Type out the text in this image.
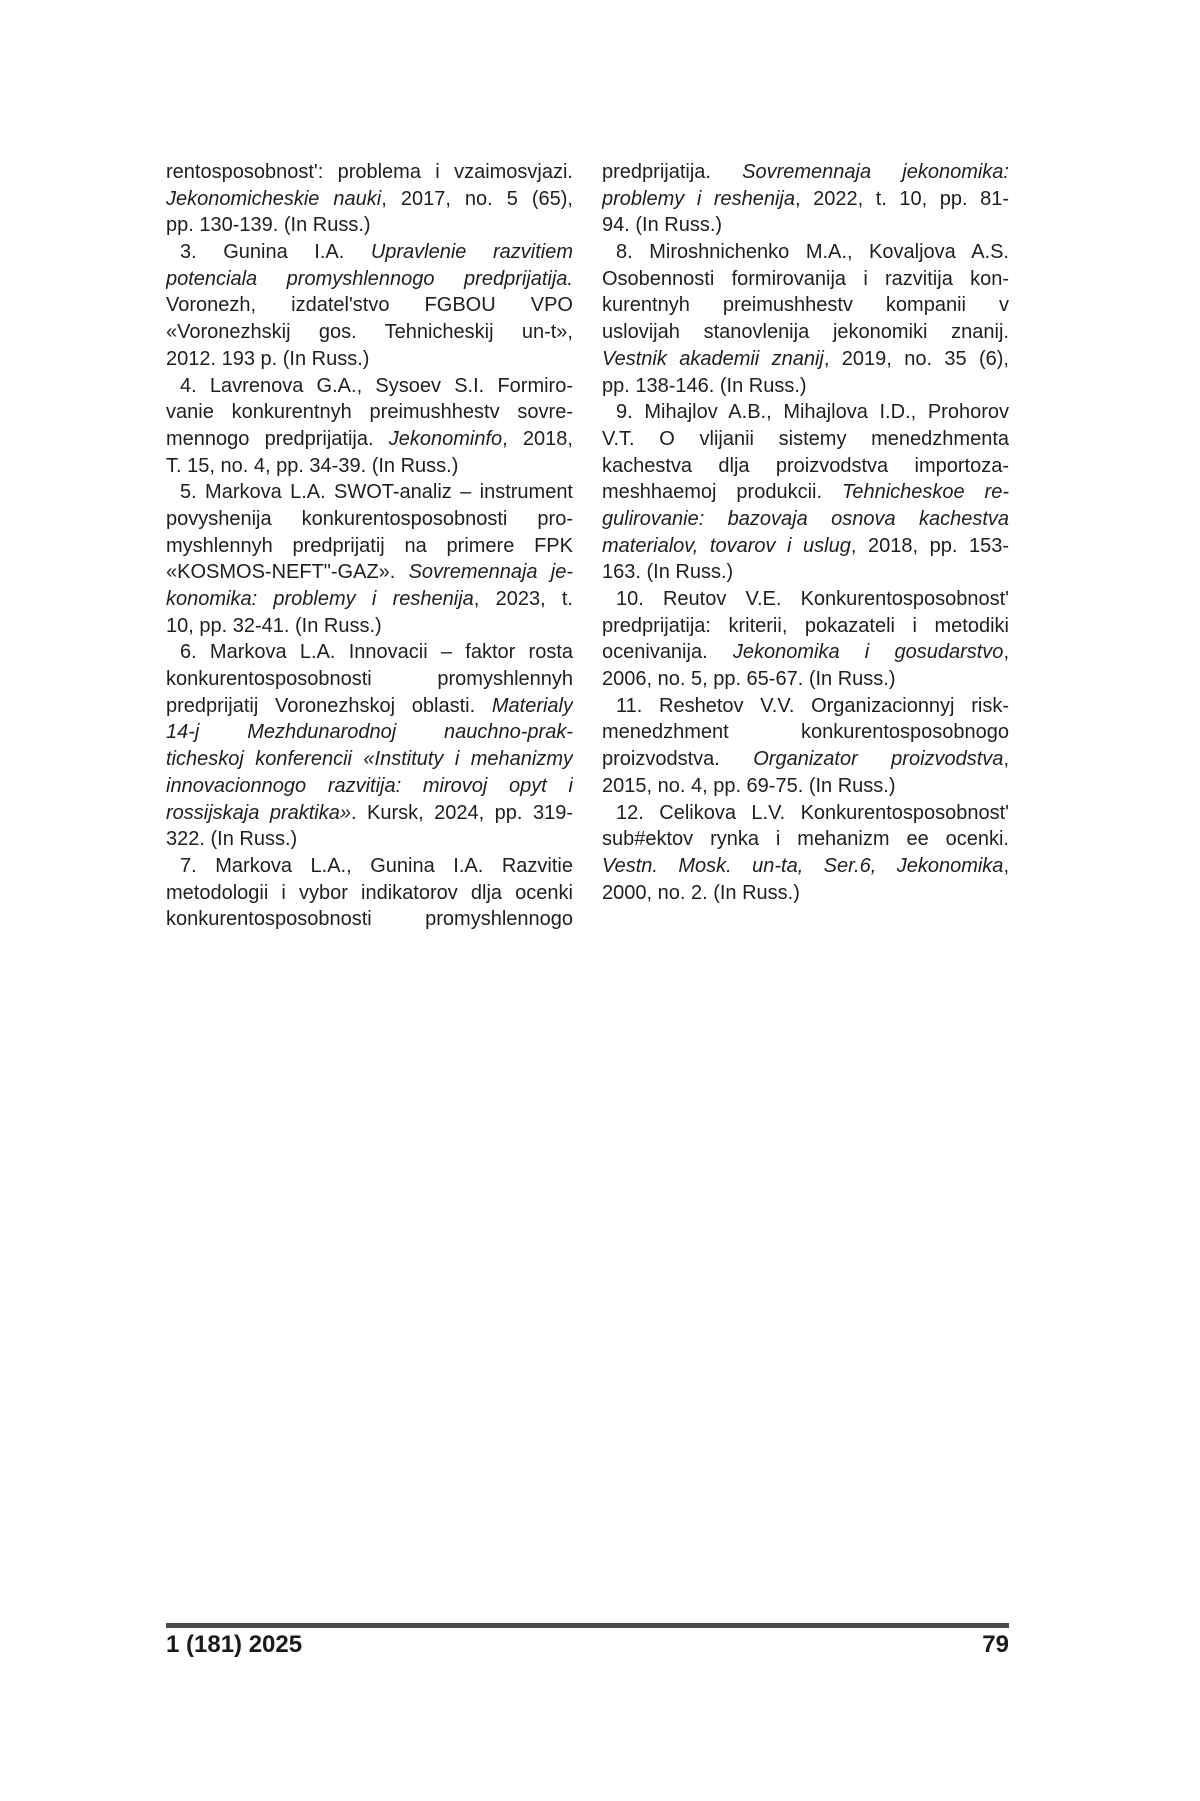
rentosposobnost': problema i vzaimosvjazi.
Jekonomicheskie nauki, 2017, no. 5 (65),
pp. 130-139. (In Russ.)
3. Gunina I.A. Upravlenie razvitiem
potenciala promyshlennogo predprijatija.
Voronezh, izdatel'stvo FGBOU VPO
«Voronezhskij gos. Tehnicheskij un-t»,
2012. 193 p. (In Russ.)
4. Lavrenova G.A., Sysoev S.I. Formiro-
vanie konkurentnyh preimushhestv sovre-
mennogo predprijatija. Jekonominfo, 2018,
T. 15, no. 4, pp. 34-39. (In Russ.)
5. Markova L.A. SWOT-analiz – instrument
povyshenija konkurentosposobnosti pro-
myshlennyh predprijatij na primere FPK
«KOSMOS-NEFT"-GAZ». Sovremennaja je-
konomika: problemy i reshenija, 2023, t.
10, pp. 32-41. (In Russ.)
6. Markova L.A. Innovacii – faktor rosta
konkurentosposobnosti promyshlennyh
predprijatij Voronezhskoj oblasti. Materialy
14-j Mezhdunarodnoj nauchno-prak-
ticheskoj konferencii «Instituty i mehanizmy
innovacionnogo razvitija: mirovoj opyt i
rossijskaja praktika». Kursk, 2024, pp. 319-
322. (In Russ.)
7. Markova L.A., Gunina I.A. Razvitie
metodologii i vybor indikatorov dlja ocenki
konkurentosposobnosti promyshlennogo
predprijatija. Sovremennaja jekonomika:
problemy i reshenija, 2022, t. 10, pp. 81-
94. (In Russ.)
8. Miroshnichenko M.A., Kovaljova A.S.
Osobennosti formirovanija i razvitija kon-
kurentnyh preimushhestv kompanii v
uslovijah stanovlenija jekonomiki znanij.
Vestnik akademii znanij, 2019, no. 35 (6),
pp. 138-146. (In Russ.)
9. Mihajlov A.B., Mihajlova I.D., Prohorov
V.T. O vlijanii sistemy menedzhmenta
kachestva dlja proizvodstva importoza-
meshhaemoj produkcii. Tehnicheskoe re-
gulirovanie: bazovaja osnova kachestva
materialov, tovarov i uslug, 2018, pp. 153-
163. (In Russ.)
10. Reutov V.E. Konkurentosposobnost'
predprijatija: kriterii, pokazateli i metodiki
ocenivanija. Jekonomika i gosudarstvo,
2006, no. 5, pp. 65-67. (In Russ.)
11. Reshetov V.V. Organizacionnyj risk-
menedzhment konkurentosposobnogo
proizvodstva. Organizator proizvodstva,
2015, no. 4, pp. 69-75. (In Russ.)
12. Celikova L.V. Konkurentosposobnost'
sub#ektov rynka i mehanizm ee ocenki.
Vestn. Mosk. un-ta, Ser.6, Jekonomika,
2000, no. 2. (In Russ.)
1 (181) 2025	79
